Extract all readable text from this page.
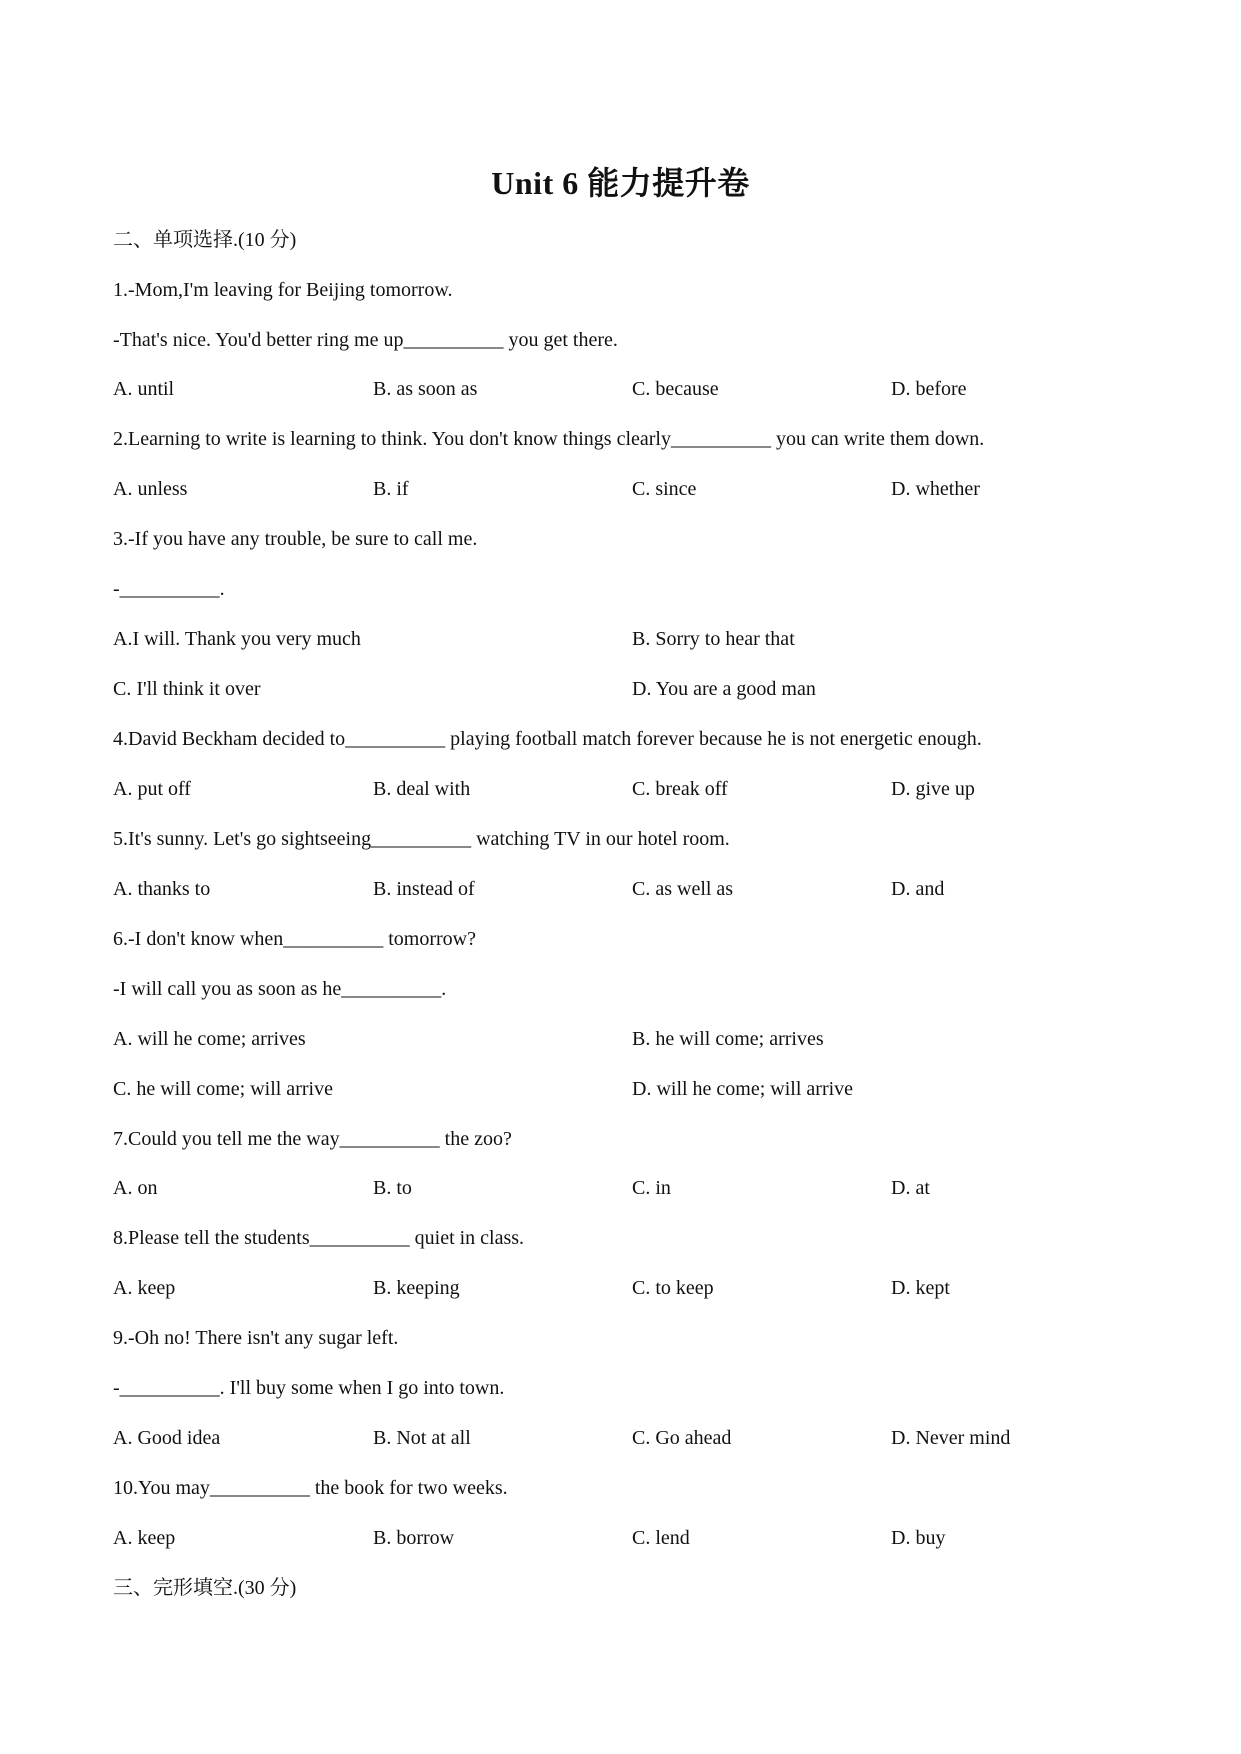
Unit 6 能力提升卷
二、单项选择.(10 分)
1.-Mom,I'm leaving for Beijing tomorrow.
-That's nice. You'd better ring me up__________ you get there.
A. until	B. as soon as	C. because	D. before
2.Learning to write is learning to think. You don't know things clearly__________ you can write them down.
A. unless	B. if	C. since	D. whether
3.-If you have any trouble, be sure to call me.
-__________.
A.I will. Thank you very much	B. Sorry to hear that
C. I'll think it over	D. You are a good man
4.David Beckham decided to__________ playing football match forever because he is not energetic enough.
A. put off	B. deal with	C. break off	D. give up
5.It's sunny. Let's go sightseeing__________ watching TV in our hotel room.
A. thanks to	B. instead of	C. as well as	D. and
6.-I don't know when__________ tomorrow?
-I will call you as soon as he__________.
A. will he come; arrives	B. he will come; arrives
C. he will come; will arrive	D. will he come; will arrive
7.Could you tell me the way__________ the zoo?
A. on	B. to	C. in	D. at
8.Please tell the students__________ quiet in class.
A. keep	B. keeping	C. to keep	D. kept
9.-Oh no! There isn't any sugar left.
-__________. I'll buy some when I go into town.
A. Good idea	B. Not at all	C. Go ahead	D. Never mind
10.You may__________ the book for two weeks.
A. keep	B. borrow	C. lend	D. buy
三、完形填空.(30 分)
